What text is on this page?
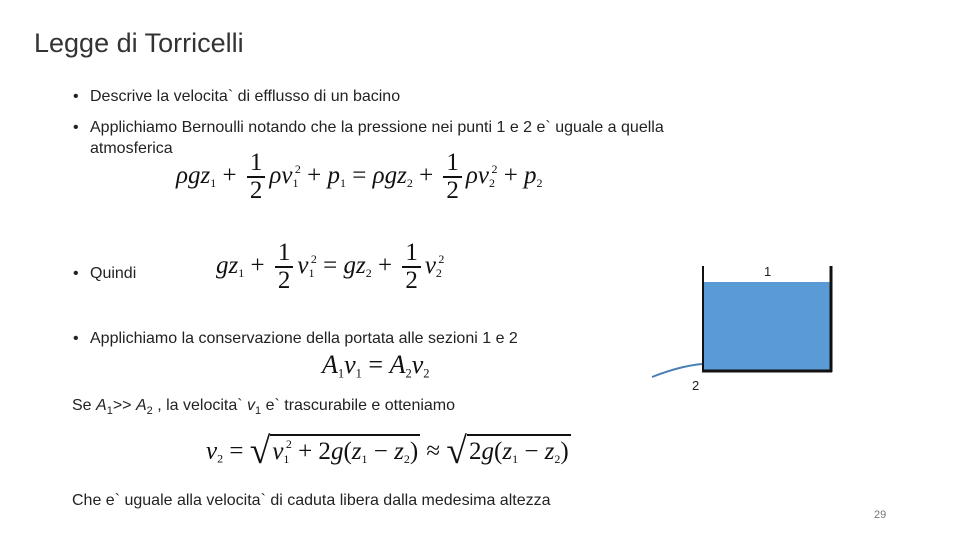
Legge di Torricelli
• Descrive la velocita` di efflusso di un bacino
• Applichiamo Bernoulli notando che la pressione nei punti 1 e 2 e` uguale a quella atmosferica
$\rho gz_1 + \frac{1}{2} \rho v_1^2 + p_1 = \rho gz_2 + \frac{1}{2} \rho v_2^2 + p_2$
• Quindi	$gz_1 + \frac{1}{2} v_1^2 = gz_2 + \frac{1}{2} v_2^2$
• Applichiamo la conservazione della portata alle sezioni 1 e 2
$A_1v_1 = A_2v_2$
Se $A_1>> A_2$ , la velocita` $v_1$ e` trascurabile e otteniamo
$v_2 = √v_1^2 + 2g(z_1 - z_2) \approx √2g(z_1 - z_2)$
Che e` uguale alla velocita` di caduta libera dalla medesima altezza
1
2
29
